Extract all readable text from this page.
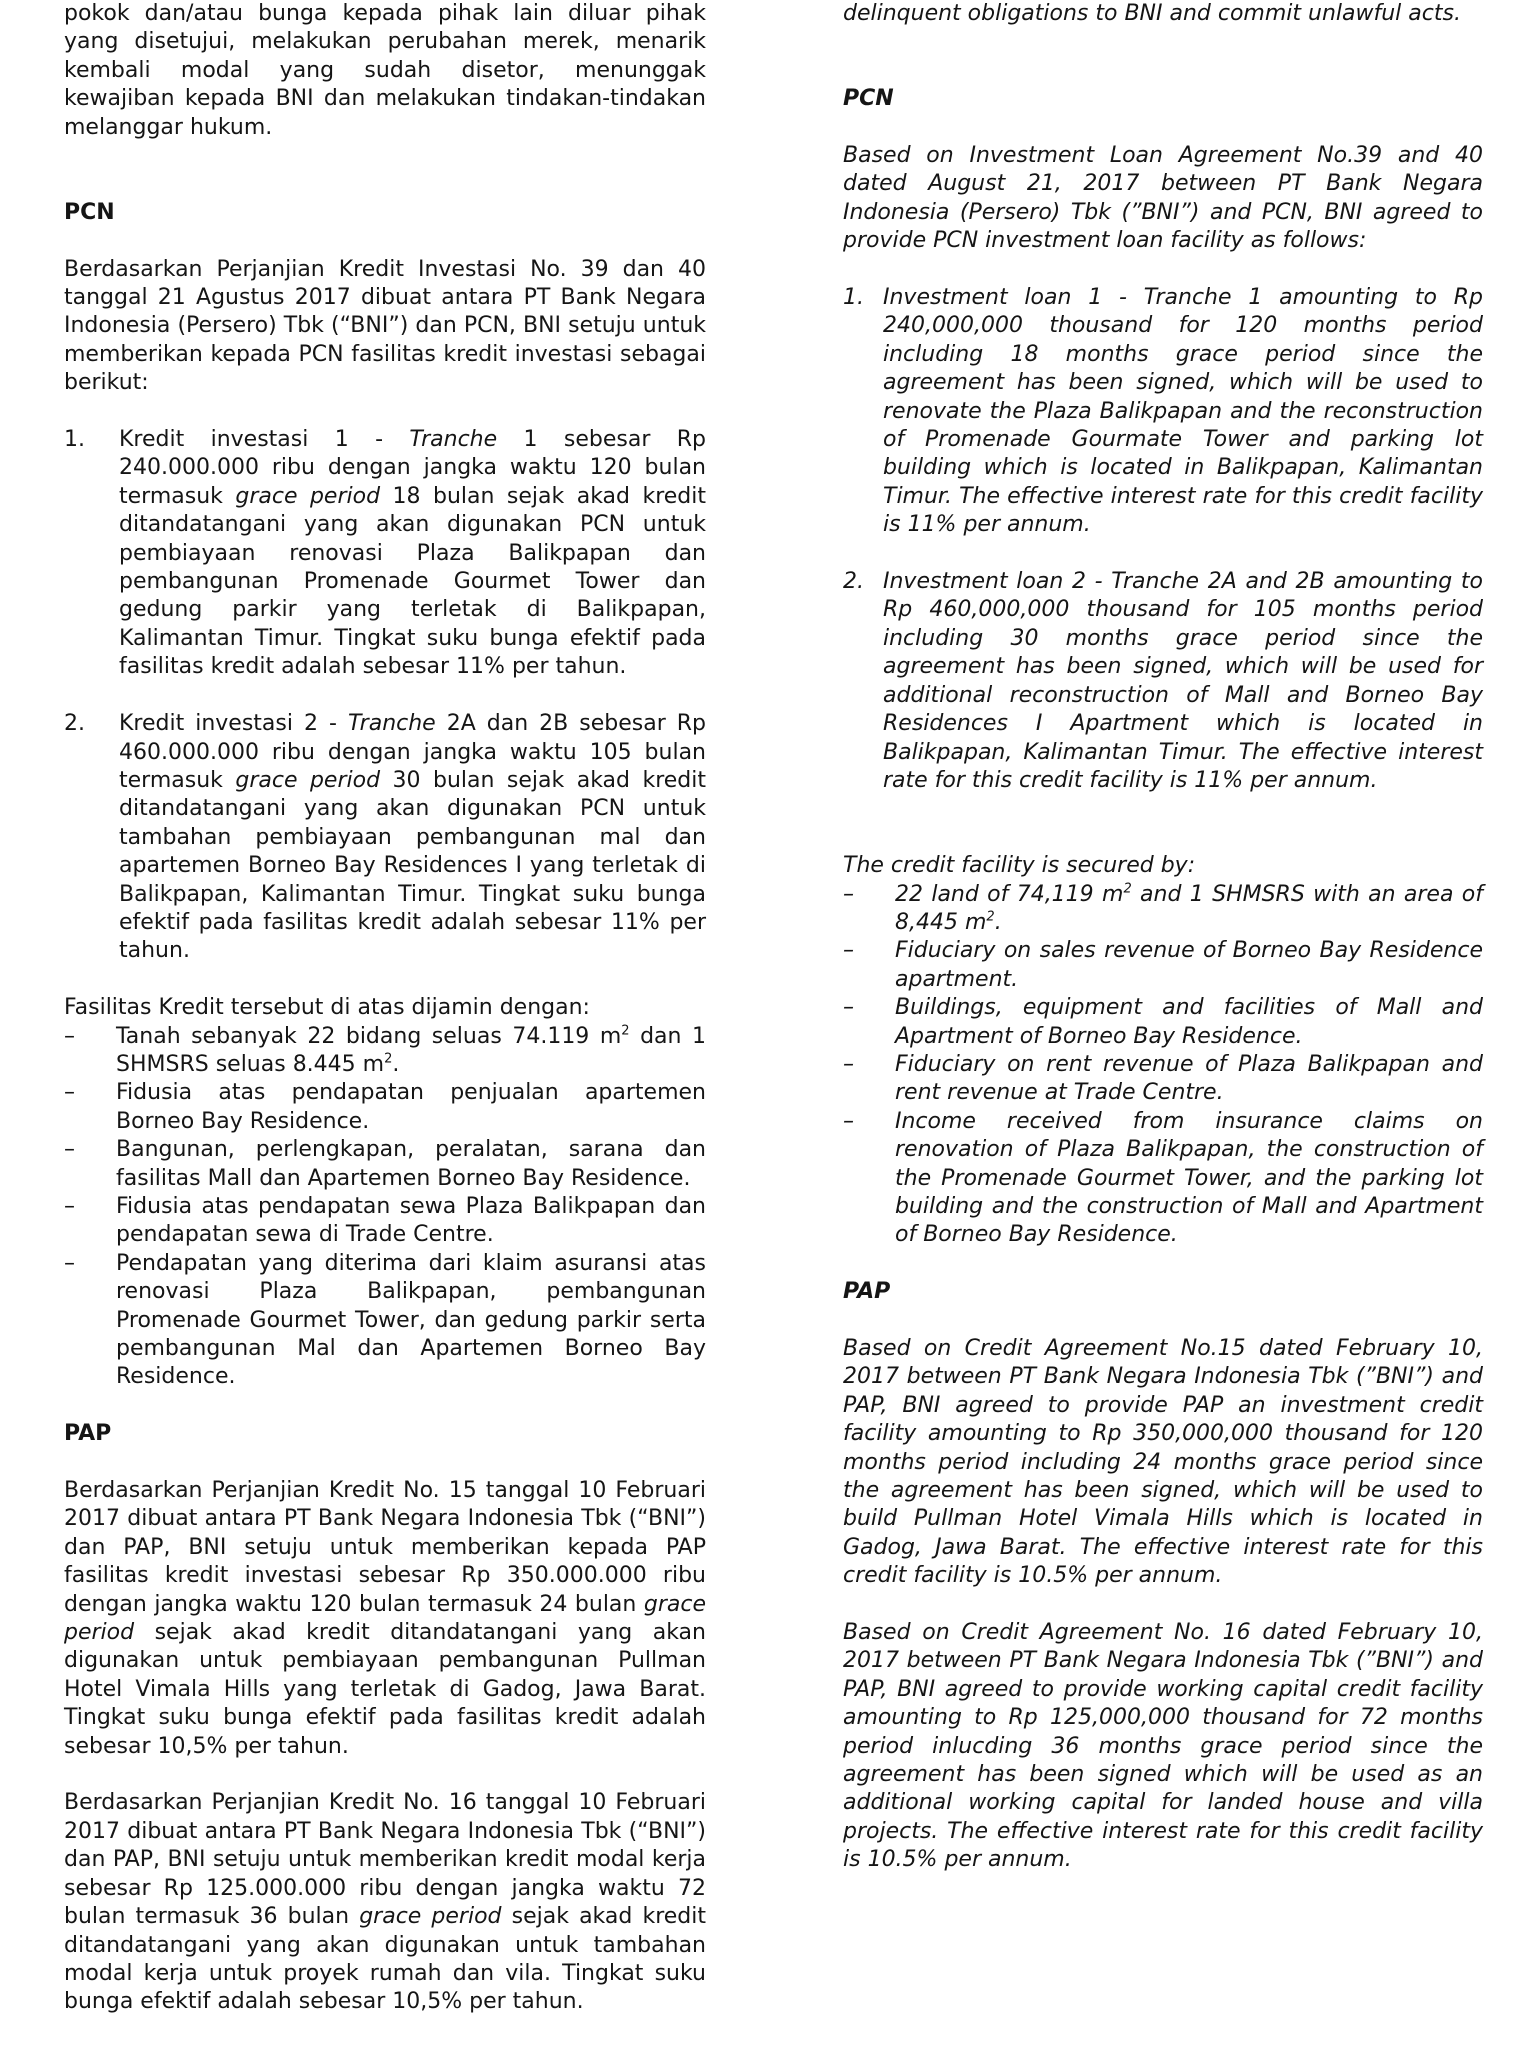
pokok dan/atau bunga kepada pihak lain diluar pihak yang disetujui, melakukan perubahan merek, menarik kembali modal yang sudah disetor, menunggak kewajiban kepada BNI dan melakukan tindakan-tindakan melanggar hukum.

PCN

Berdasarkan Perjanjian Kredit Investasi No. 39 dan 40 tanggal 21 Agustus 2017 dibuat antara PT Bank Negara Indonesia (Persero) Tbk (“BNI”) dan PCN, BNI setuju untuk memberikan kepada PCN fasilitas kredit investasi sebagai berikut:

1.	Kredit investasi 1 - Tranche 1 sebesar Rp 240.000.000 ribu dengan jangka waktu 120 bulan termasuk grace period 18 bulan sejak akad kredit ditandatangani yang akan digunakan PCN untuk pembiayaan renovasi Plaza Balikpapan dan pembangunan Promenade Gourmet Tower dan gedung parkir yang terletak di Balikpapan, Kalimantan Timur. Tingkat suku bunga efektif pada fasilitas kredit adalah sebesar 11% per tahun.
2.	Kredit investasi 2 - Tranche 2A dan 2B sebesar Rp 460.000.000 ribu dengan jangka waktu 105 bulan termasuk grace period 30 bulan sejak akad kredit ditandatangani yang akan digunakan PCN untuk tambahan pembiayaan pembangunan mal dan apartemen Borneo Bay Residences I yang terletak di Balikpapan, Kalimantan Timur. Tingkat suku bunga efektif pada fasilitas kredit adalah sebesar 11% per tahun.

Fasilitas Kredit tersebut di atas dijamin dengan:

–	Tanah sebanyak 22 bidang seluas 74.119 $m^2$ dan 1 SHMSRS seluas 8.445 $m^2$.
–	Fidusia atas pendapatan penjualan apartemen Borneo Bay Residence.
–	Bangunan, perlengkapan, peralatan, sarana dan fasilitas Mall dan Apartemen Borneo Bay Residence.
–	Fidusia atas pendapatan sewa Plaza Balikpapan dan pendapatan sewa di Trade Centre.
–	Pendapatan yang diterima dari klaim asuransi atas renovasi Plaza Balikpapan, pembangunan Promenade Gourmet Tower, dan gedung parkir serta pembangunan Mal dan Apartemen Borneo Bay Residence.

PAP

Berdasarkan Perjanjian Kredit No. 15 tanggal 10 Februari 2017 dibuat antara PT Bank Negara Indonesia Tbk (“BNI”) dan PAP, BNI setuju untuk memberikan kepada PAP fasilitas kredit investasi sebesar Rp 350.000.000 ribu dengan jangka waktu 120 bulan termasuk 24 bulan grace period sejak akad kredit ditandatangani yang akan digunakan untuk pembiayaan pembangunan Pullman Hotel Vimala Hills yang terletak di Gadog, Jawa Barat. Tingkat suku bunga efektif pada fasilitas kredit adalah sebesar 10,5% per tahun.

Berdasarkan Perjanjian Kredit No. 16 tanggal 10 Februari 2017 dibuat antara PT Bank Negara Indonesia Tbk (“BNI”) dan PAP, BNI setuju untuk memberikan kredit modal kerja sebesar Rp 125.000.000 ribu dengan jangka waktu 72 bulan termasuk 36 bulan grace period sejak akad kredit ditandatangani yang akan digunakan untuk tambahan modal kerja untuk proyek rumah dan vila. Tingkat suku bunga efektif adalah sebesar 10,5% per tahun.

delinquent obligations to BNI and commit unlawful acts.

PCN

Based on Investment Loan Agreement No.39 and 40 dated August 21, 2017 between PT Bank Negara Indonesia (Persero) Tbk (”BNI”) and PCN, BNI agreed to provide PCN investment loan facility as follows:

1. Investment loan 1 - Tranche 1 amounting to Rp 240,000,000 thousand for 120 months period including 18 months grace period since the agreement has been signed, which will be used to renovate the Plaza Balikpapan and the reconstruction of Promenade Gourmate Tower and parking lot building which is located in Balikpapan, Kalimantan Timur. The effective interest rate for this credit facility is 11% per annum.
2. Investment loan 2 - Tranche 2A and 2B amounting to Rp 460,000,000 thousand for 105 months period including 30 months grace period since the agreement has been signed, which will be used for additional reconstruction of Mall and Borneo Bay Residences I Apartment which is located in Balikpapan, Kalimantan Timur. The effective interest rate for this credit facility is 11% per annum.

The credit facility is secured by:

–	22 land of 74,119 $m^2$ and 1 SHMSRS with an area of 8,445 $m^2$.
–	Fiduciary on sales revenue of Borneo Bay Residence apartment.
–	Buildings, equipment and facilities of Mall and Apartment of Borneo Bay Residence.
–	Fiduciary on rent revenue of Plaza Balikpapan and rent revenue at Trade Centre.
–	Income received from insurance claims on renovation of Plaza Balikpapan, the construction of the Promenade Gourmet Tower, and the parking lot building and the construction of Mall and Apartment of Borneo Bay Residence.

PAP

Based on Credit Agreement No.15 dated February 10, 2017 between PT Bank Negara Indonesia Tbk (”BNI”) and PAP, BNI agreed to provide PAP an investment credit facility amounting to Rp 350,000,000 thousand for 120 months period including 24 months grace period since the agreement has been signed, which will be used to build Pullman Hotel Vimala Hills which is located in Gadog, Jawa Barat. The effective interest rate for this credit facility is 10.5% per annum.

Based on Credit Agreement No. 16 dated February 10, 2017 between PT Bank Negara Indonesia Tbk (”BNI”) and PAP, BNI agreed to provide working capital credit facility amounting to Rp 125,000,000 thousand for 72 months period inlucding 36 months grace period since the agreement has been signed which will be used as an additional working capital for landed house and villa projects. The effective interest rate for this credit facility is 10.5% per annum.
